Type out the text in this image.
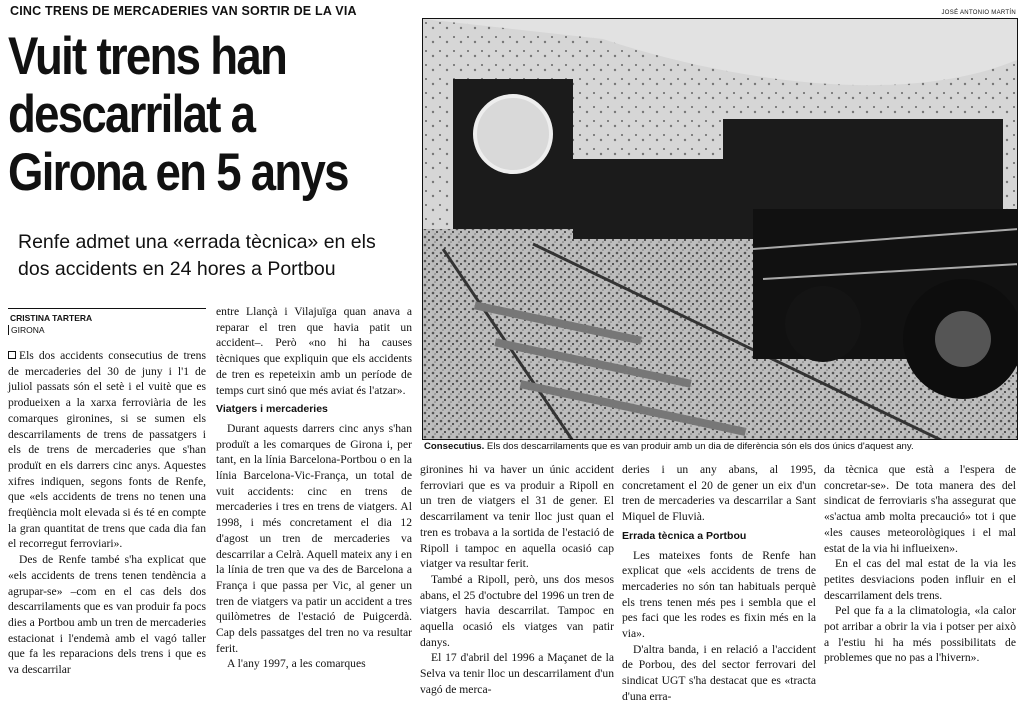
CINC TRENS DE MERCADERIES VAN SORTIR DE LA VIA
Vuit trens han
descarrilat a
Girona en 5 anys
Renfe admet una «errada tècnica» en els
dos accidents en 24 hores a Portbou
CRISTINA TARTERA
GIRONA

Els dos accidents consecutius de trens de mercaderies del 30 de juny i l'1 de juliol passats són el setè i el vuitè que es produeixen a la xarxa ferroviària de les comarques gironines, si se sumen els descarrilaments de trens de passatgers i els de trens de mercaderies que s'han produït en els darrers cinc anys. Aquestes xifres indiquen, segons fonts de Renfe, que «els accidents de trens no tenen una freqüència molt elevada si és té en compte la gran quantitat de trens que cada dia fan el recorregut ferroviari».

Des de Renfe també s'ha explicat que «els accidents de trens tenen tendència a agrupar-se» –com en el cas dels dos descarrilaments que es van produir fa pocs dies a Portbou amb un tren de mercaderies estacionat i l'endemà amb el vagó taller que fa les reparacions dels trens i que es va descarrilar

entre Llançà i Vilajuïga quan anava a reparar el tren que havia patit un accident–. Però «no hi ha causes tècniques que expliquin que els accidents de tren es repeteixin amb un període de temps curt sinó que més aviat és l'atzar».

Viatgers i mercaderies

Durant aquests darrers cinc anys s'han produït a les comarques de Girona i, per tant, en la línia Barcelona-Portbou o en la línia Barcelona-Vic-França, un total de vuit accidents: cinc en trens de mercaderies i tres en trens de viatgers. Al 1998, i més concretament el dia 12 d'agost un tren de mercaderies va descarrilar a Celrà. Aquell mateix any i en la línia de tren que va des de Barcelona a França i que passa per Vic, al gener un tren de viatgers va patir un accident a tres quilòmetres de l'estació de Puigcerdà. Cap dels passatges del tren no va resultar ferit.

A l'any 1997, a les comarques

JOSÉ ANTONIO MARTÍN
Consecutius. Els dos descarrilaments que es van produir amb un dia de diferència són els dos únics d'aquest any.

gironines hi va haver un únic accident ferroviari que es va produir a Ripoll en un tren de viatgers el 31 de gener. El descarrilament va tenir lloc just quan el tren es trobava a la sortida de l'estació de Ripoll i tampoc en aquella ocasió cap viatger va resultar ferit.

També a Ripoll, però, uns dos mesos abans, el 25 d'octubre del 1996 un tren de viatgers havia descarrilat. Tampoc en aquella ocasió els viatges van patir danys.

El 17 d'abril del 1996 a Maçanet de la Selva va tenir lloc un descarrilament d'un vagó de merca-

deries i un any abans, al 1995, concretament el 20 de gener un eix d'un tren de mercaderies va descarrilar a Sant Miquel de Fluvià.

Errada tècnica a Portbou

Les mateixes fonts de Renfe han explicat que «els accidents de trens de mercaderies no són tan habituals perquè els trens tenen més pes i sembla que el pes faci que les rodes es fixin més en la via».

D'altra banda, i en relació a l'accident de Porbou, des del sector ferrovari del sindicat UGT s'ha destacat que es «tracta d'una erra-

da tècnica que està a l'espera de concretar-se». De tota manera des del sindicat de ferroviaris s'ha assegurat que «s'actua amb molta precaució» tot i que «les causes meteorològiques i el mal estat de la via hi influeixen».

En el cas del mal estat de la via les petites desviacions poden influir en el descarrilament dels trens.

Pel que fa a la climatologia, «la calor pot arribar a obrir la via i potser per això a l'estiu hi ha més possibilitats de problemes que no pas a l'hivern».
